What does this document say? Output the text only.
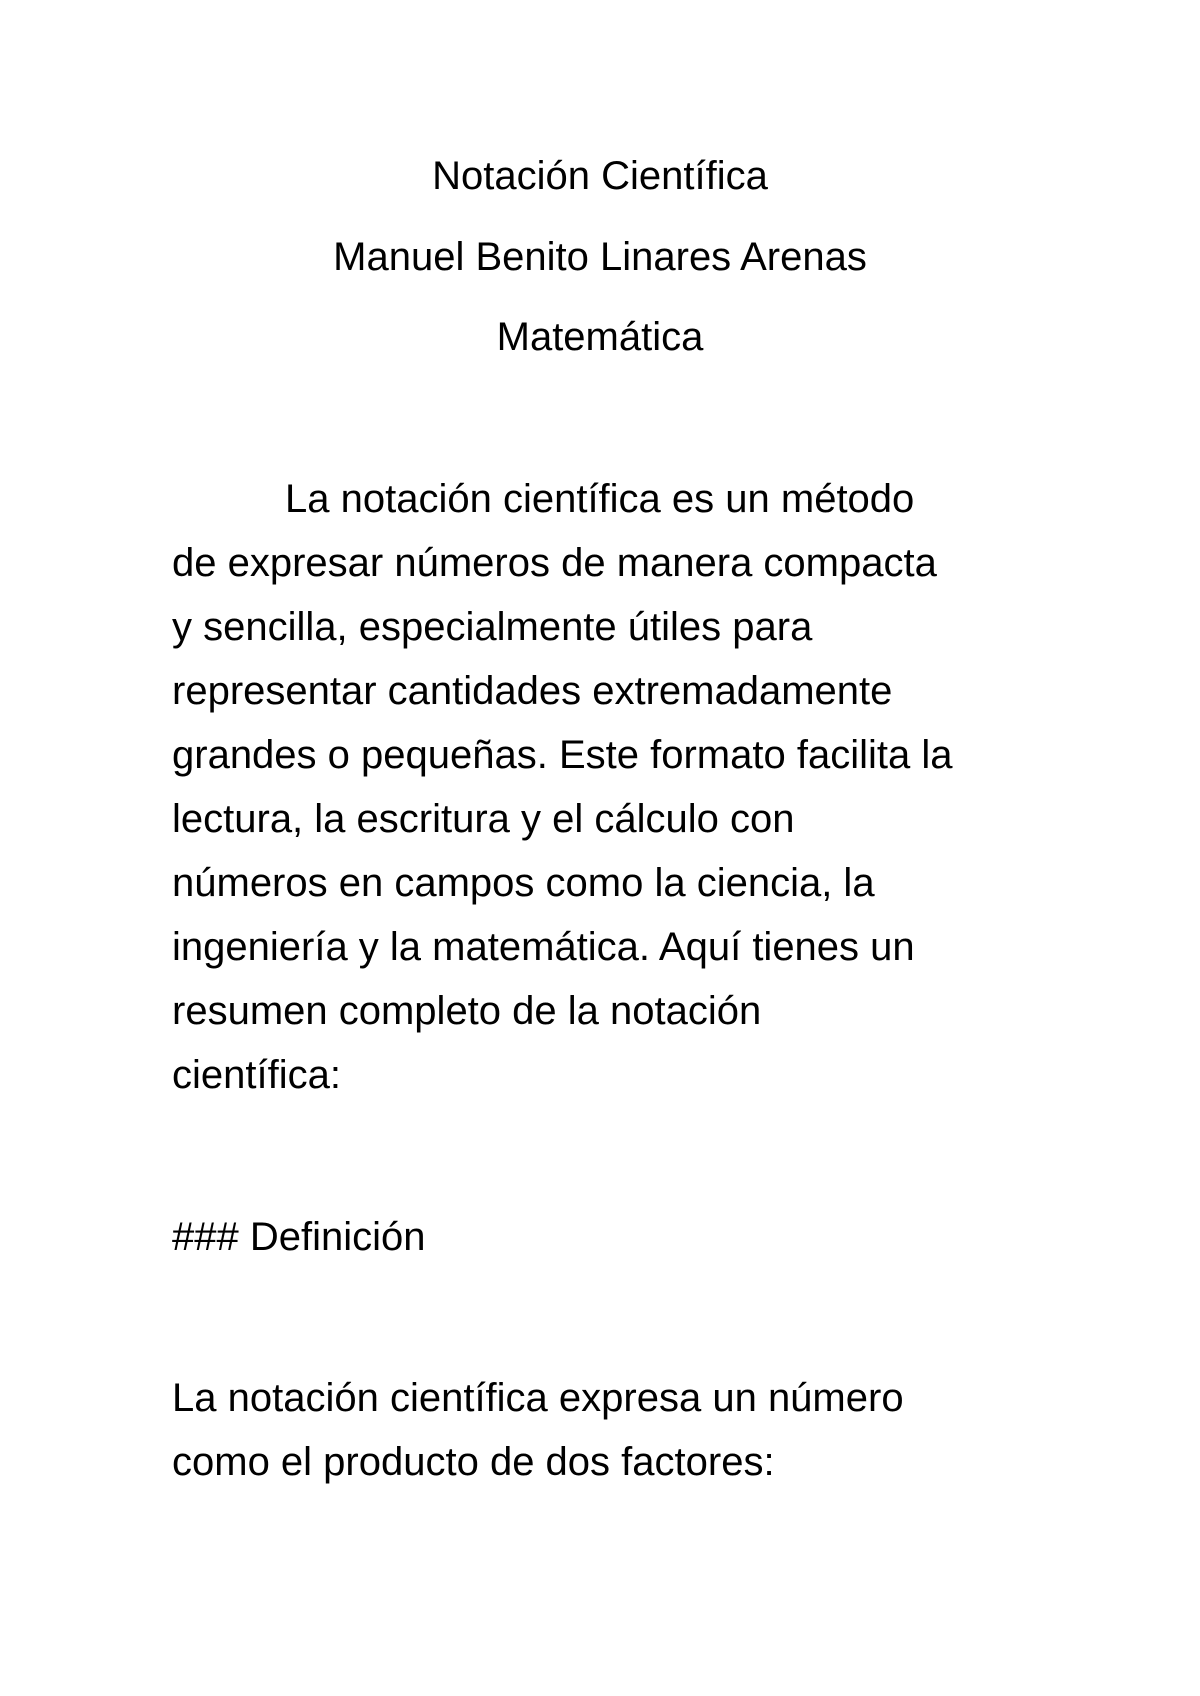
Notación Científica
Manuel Benito Linares Arenas
Matemática
La notación científica es un método
de expresar números de manera compacta
y sencilla, especialmente útiles para
representar cantidades extremadamente
grandes o pequeñas. Este formato facilita la
lectura, la escritura y el cálculo con
números en campos como la ciencia, la
ingeniería y la matemática. Aquí tienes un
resumen completo de la notación
científica:
### Definición
La notación científica expresa un número
como el producto de dos factores:
